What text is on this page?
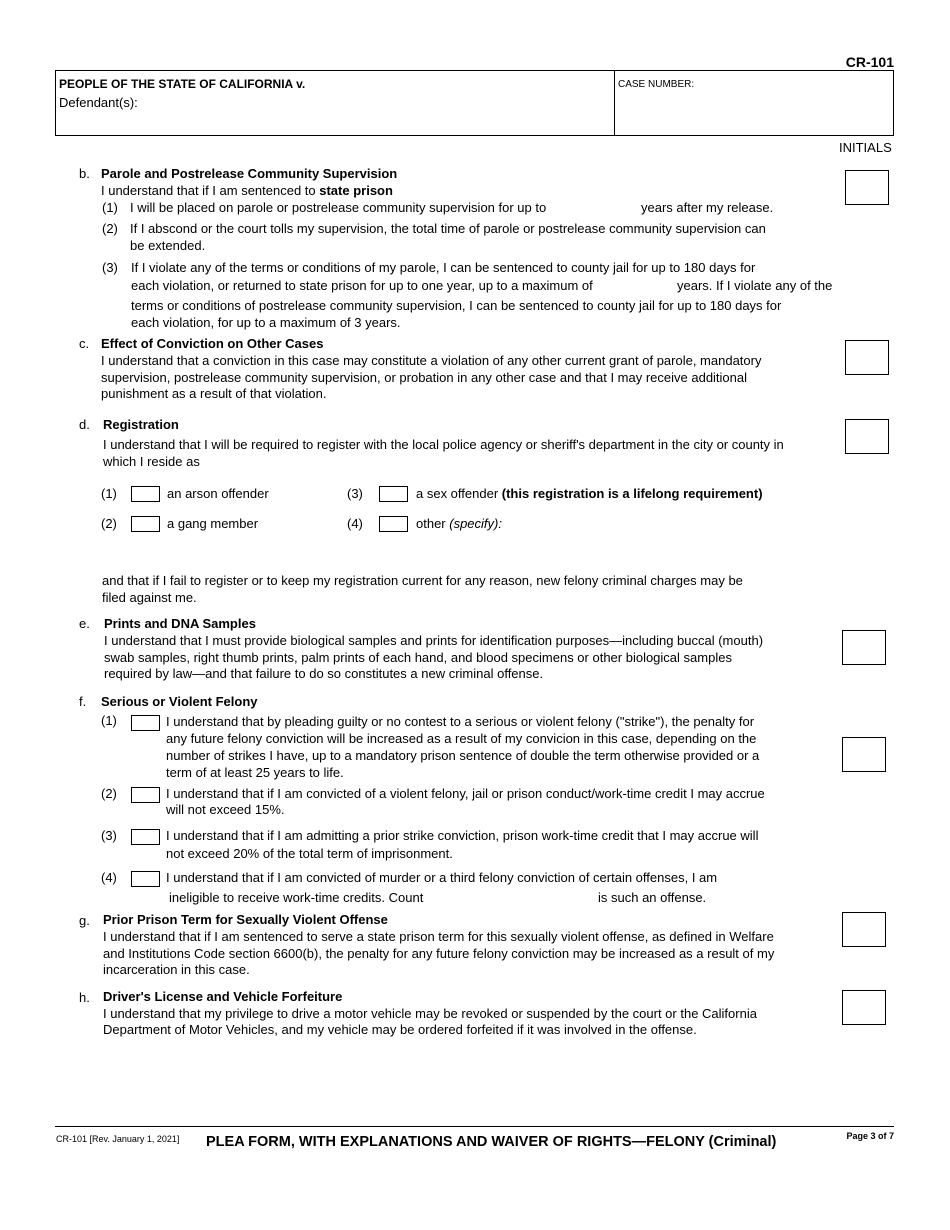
CR-101
PEOPLE OF THE STATE OF CALIFORNIA v.
Defendant(s):
CASE NUMBER:
INITIALS
b. Parole and Postrelease Community Supervision
I understand that if I am sentenced to state prison
(1) I will be placed on parole or postrelease community supervision for up to	years after my release.
(2) If I abscond or the court tolls my supervision, the total time of parole or postrelease community supervision can
be extended.
(3) If I violate any of the terms or conditions of my parole, I can be sentenced to county jail for up to 180 days for
each violation, or returned to state prison for up to one year, up to a maximum of	years. If I violate any of the
terms or conditions of postrelease community supervision, I can be sentenced to county jail for up to 180 days for
each violation, for up to a maximum of 3 years.
c. Effect of Conviction on Other Cases
I understand that a conviction in this case may constitute a violation of any other current grant of parole, mandatory
supervision, postrelease community supervision, or probation in any other case and that I may receive additional
punishment as a result of that violation.
d. Registration
I understand that I will be required to register with the local police agency or sheriff's department in the city or county in
which I reside as
(1)	an arson offender	(3)	a sex offender (this registration is a lifelong requirement)
(2)	a gang member	(4)	other (specify):
and that if I fail to register or to keep my registration current for any reason, new felony criminal charges may be
filed against me.
e. Prints and DNA Samples
I understand that I must provide biological samples and prints for identification purposes—including buccal (mouth)
swab samples, right thumb prints, palm prints of each hand, and blood specimens or other biological samples
required by law—and that failure to do so constitutes a new criminal offense.
f. Serious or Violent Felony
(1)	I understand that by pleading guilty or no contest to a serious or violent felony ("strike"), the penalty for
any future felony conviction will be increased as a result of my convicion in this case, depending on the
number of strikes I have, up to a mandatory prison sentence of double the term otherwise provided or a
term of at least 25 years to life.
(2)	I understand that if I am convicted of a violent felony, jail or prison conduct/work-time credit I may accrue
will not exceed 15%.
(3)	I understand that if I am admitting a prior strike conviction, prison work-time credit that I may accrue will
not exceed 20% of the total term of imprisonment.
(4)	I understand that if I am convicted of murder or a third felony conviction of certain offenses, I am
ineligible to receive work-time credits. Count	is such an offense.
g. Prior Prison Term for Sexually Violent Offense
I understand that if I am sentenced to serve a state prison term for this sexually violent offense, as defined in Welfare
and Institutions Code section 6600(b), the penalty for any future felony conviction may be increased as a result of my
incarceration in this case.
h. Driver's License and Vehicle Forfeiture
I understand that my privilege to drive a motor vehicle may be revoked or suspended by the court or the California
Department of Motor Vehicles, and my vehicle may be ordered forfeited if it was involved in the offense.
CR-101 [Rev. January 1, 2021] PLEA FORM, WITH EXPLANATIONS AND WAIVER OF RIGHTS—FELONY (Criminal)	Page 3 of 7
